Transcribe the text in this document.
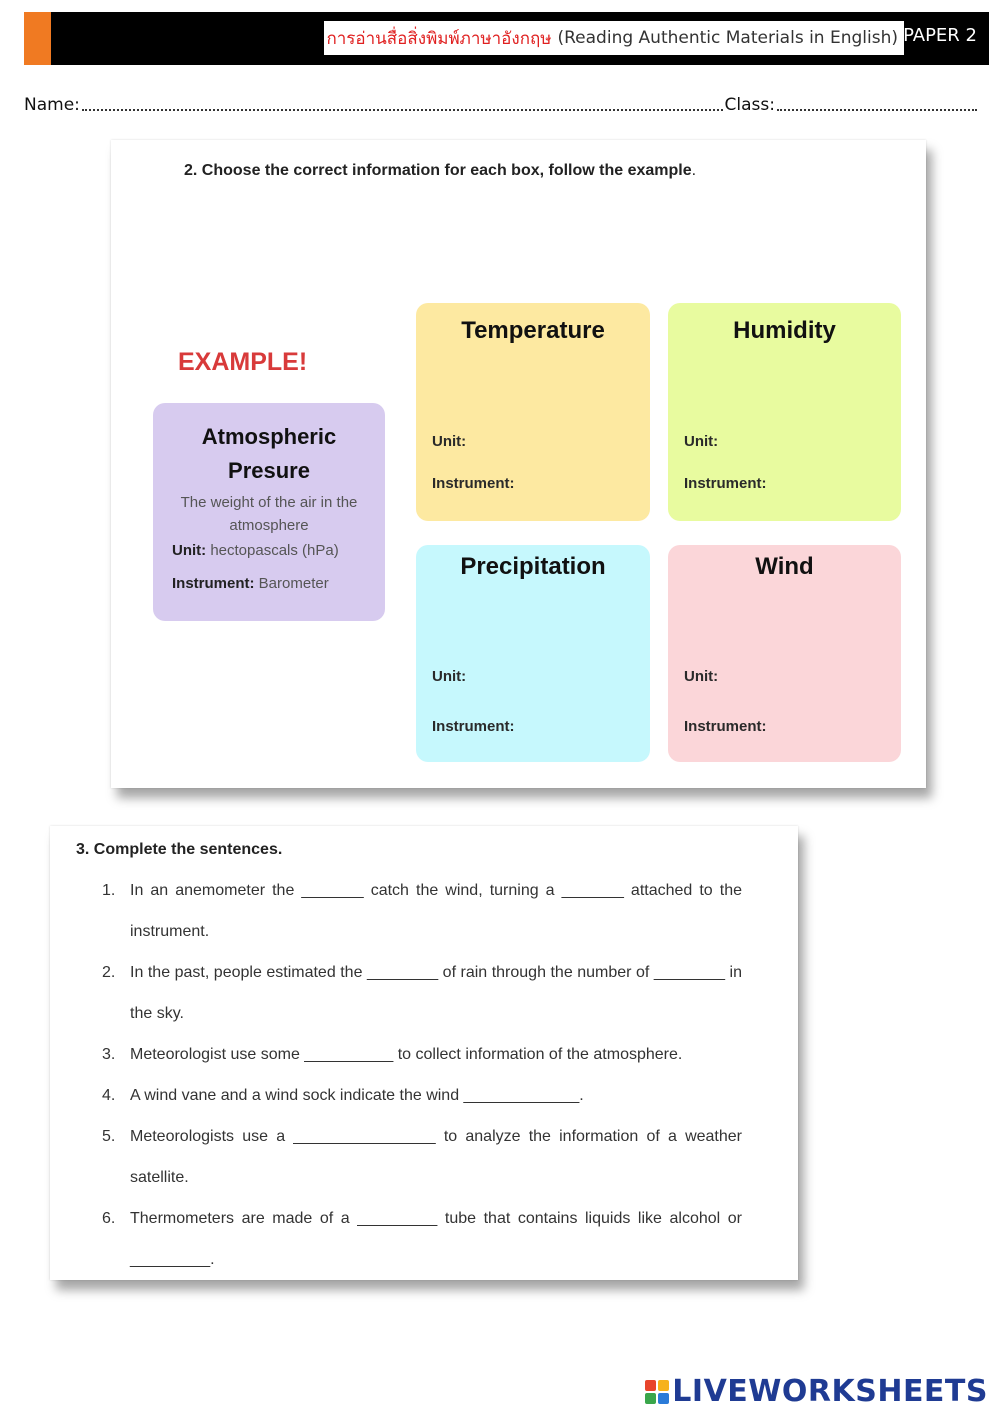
การอ่านสื่อสิ่งพิมพ์ภาษาอังกฤษ (Reading Authentic Materials in English) PAPER 2
Name:	Class:
2. Choose the correct information for each box, follow the example.
EXAMPLE!
Atmospheric
Presure
The weight of the air in the atmosphere
Unit: hectopascals (hPa)
Instrument: Barometer
Temperature
Unit:
Instrument:
Humidity
Unit:
Instrument:
Precipitation
Unit:
Instrument:
Wind
Unit:
Instrument:
3. Complete the sentences.
1. In an anemometer the _______ catch the wind, turning a _______ attached to the instrument.
2. In the past, people estimated the ________ of rain through the number of ________ in the sky.
3. Meteorologist use some __________ to collect information of the atmosphere.
4. A wind vane and a wind sock indicate the wind _____________.
5. Meteorologists use a ________________ to analyze the information of a weather satellite.
6. Thermometers are made of a _________ tube that contains liquids like alcohol or _________.
LIVEWORKSHEETS
